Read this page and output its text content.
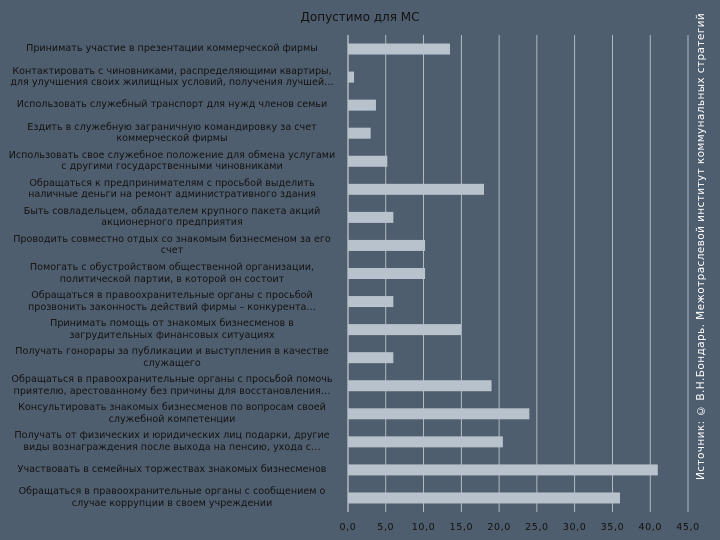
Допустимо для МС
Принимать участие в презентации коммерческой фирмы
Контактировать с чиновниками, распределяющими квартиры,
для улучшения своих жилищных условий, получения лучшей…
Использовать служебный транспорт для нужд членов семьи
Ездить в служебную заграничную командировку за счет
коммерческой фирмы
Использовать свое служебное положение для обмена услугами
с другими государственными чиновниками
Обращаться к предпринимателям с просьбой выделить
наличные деньги на ремонт административного здания
Быть совладельцем, обладателем крупного пакета акций
акционерного предприятия
Проводить совместно отдых со знакомым бизнесменом за его
счет
Помогать с обустройством общественной организации,
политической партии, в которой он состоит
Обращаться в правоохранительные органы с просьбой
прозвонить законность действий фирмы – конкурента…
Принимать помощь от знакомых бизнесменов в
загрудительных финансовых ситуациях
Получать гонорары за публикации и выступления в качестве
служащего
Обращаться в правоохранительные органы с просьбой помочь
приятелю, арестованному без причины для восстановления…
Консультировать знакомых бизнесменов по вопросам своей
служебной компетенции
Получать от физических и юридических лиц подарки, другие
виды вознаграждения после выхода на пенсию, ухода с…
Участвовать в семейных торжествах знакомых бизнесменов
Обращаться в правоохранительные органы с сообщением о
случае коррупции в своем учреждении
0,0	5,0	10,0	15,0	20,0	25,0	30,0	35,0	40,0	45,0
Источник: © В.Н.Бондарь. Межотраслевой институт коммунальных стратегий
